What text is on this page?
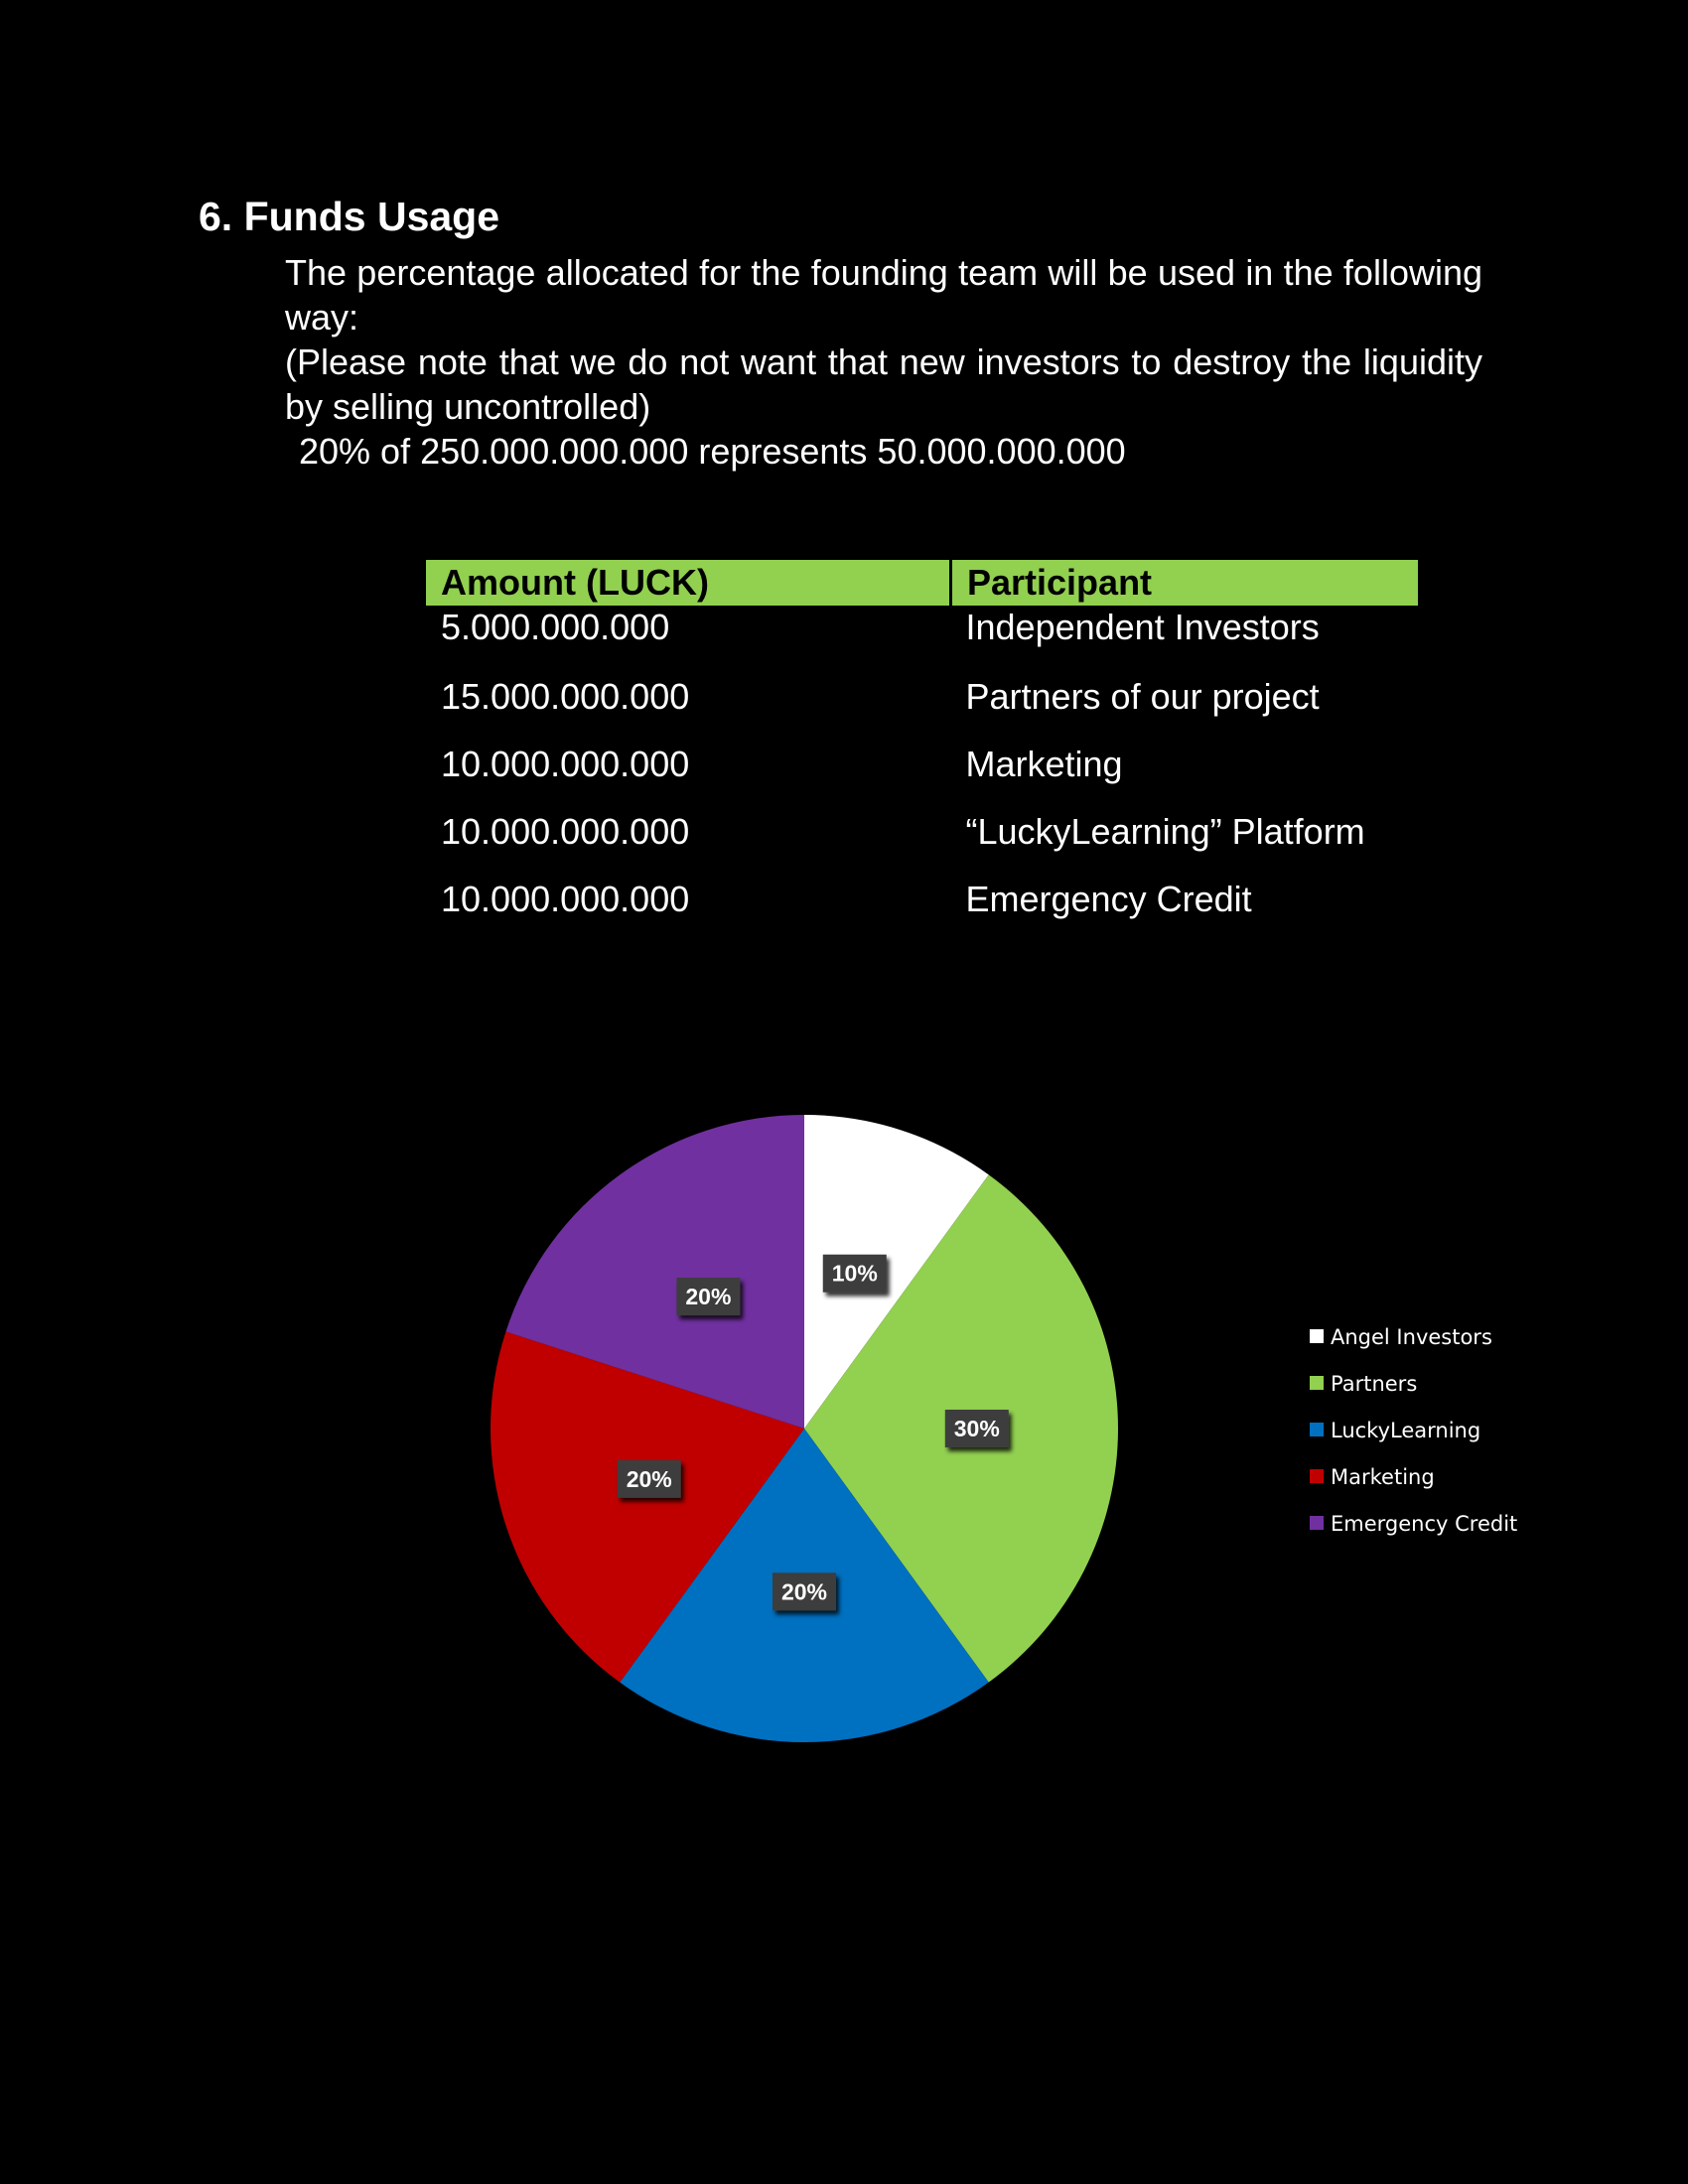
6. Funds Usage

The percentage allocated for the founding team will be used in the following way:

(Please note that we do not want that new investors to destroy the liquidity by selling uncontrolled)

20% of 250.000.000.000 represents 50.000.000.000

Amount (LUCK)	Participant
5.000.000.000	Independent Investors
15.000.000.000	Partners of our project
10.000.000.000	Marketing
10.000.000.000	“LuckyLearning” Platform
10.000.000.000	Emergency Credit
10%
30%
20%
20%
20%
Angel Investors
Partners
LuckyLearning
Marketing
Emergency Credit
